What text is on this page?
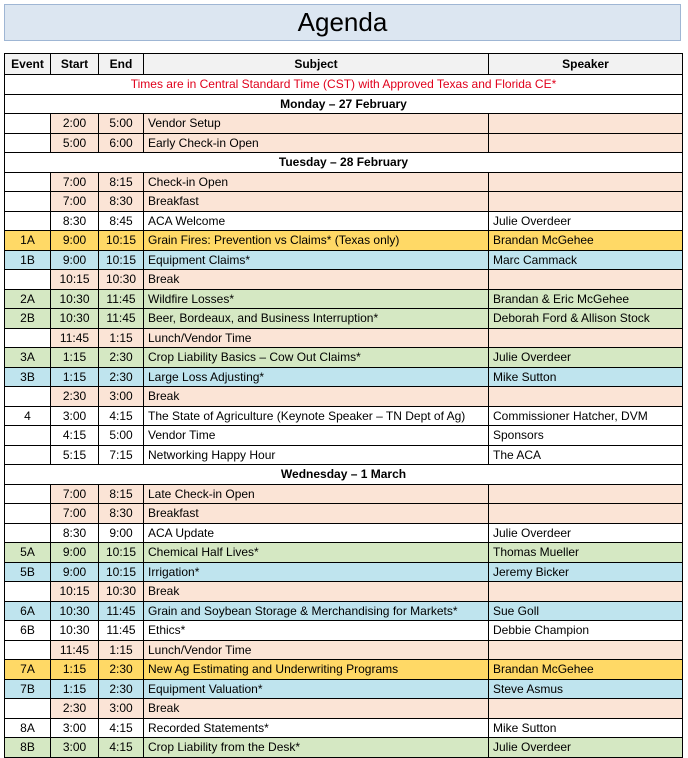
Agenda
Event	Start	End	Subject	Speaker
Times are in Central Standard Time (CST) with Approved Texas and Florida CE*				
Monday – 27 February				
	2:00	5:00	Vendor Setup	
	5:00	6:00	Early Check-in Open	
Tuesday – 28 February				
	7:00	8:15	Check-in Open	
	7:00	8:30	Breakfast	
	8:30	8:45	ACA Welcome	Julie Overdeer
1A	9:00	10:15	Grain Fires: Prevention vs Claims* (Texas only)	Brandan McGehee
1B	9:00	10:15	Equipment Claims*	Marc Cammack
	10:15	10:30	Break	
2A	10:30	11:45	Wildfire Losses*	Brandan & Eric McGehee
2B	10:30	11:45	Beer, Bordeaux, and Business Interruption*	Deborah Ford & Allison Stock
	11:45	1:15	Lunch/Vendor Time	
3A	1:15	2:30	Crop Liability Basics – Cow Out Claims*	Julie Overdeer
3B	1:15	2:30	Large Loss Adjusting*	Mike Sutton
	2:30	3:00	Break	
4	3:00	4:15	The State of Agriculture (Keynote Speaker – TN Dept of Ag)	Commissioner Hatcher, DVM
	4:15	5:00	Vendor Time	Sponsors
	5:15	7:15	Networking Happy Hour	The ACA
Wednesday – 1 March				
	7:00	8:15	Late Check-in Open	
	7:00	8:30	Breakfast	
	8:30	9:00	ACA Update	Julie Overdeer
5A	9:00	10:15	Chemical Half Lives*	Thomas Mueller
5B	9:00	10:15	Irrigation*	Jeremy Bicker
	10:15	10:30	Break	
6A	10:30	11:45	Grain and Soybean Storage & Merchandising for Markets*	Sue Goll
6B	10:30	11:45	Ethics*	Debbie Champion
	11:45	1:15	Lunch/Vendor Time	
7A	1:15	2:30	New Ag Estimating and Underwriting Programs	Brandan McGehee
7B	1:15	2:30	Equipment Valuation*	Steve Asmus
	2:30	3:00	Break	
8A	3:00	4:15	Recorded Statements*	Mike Sutton
8B	3:00	4:15	Crop Liability from the Desk*	Julie Overdeer
